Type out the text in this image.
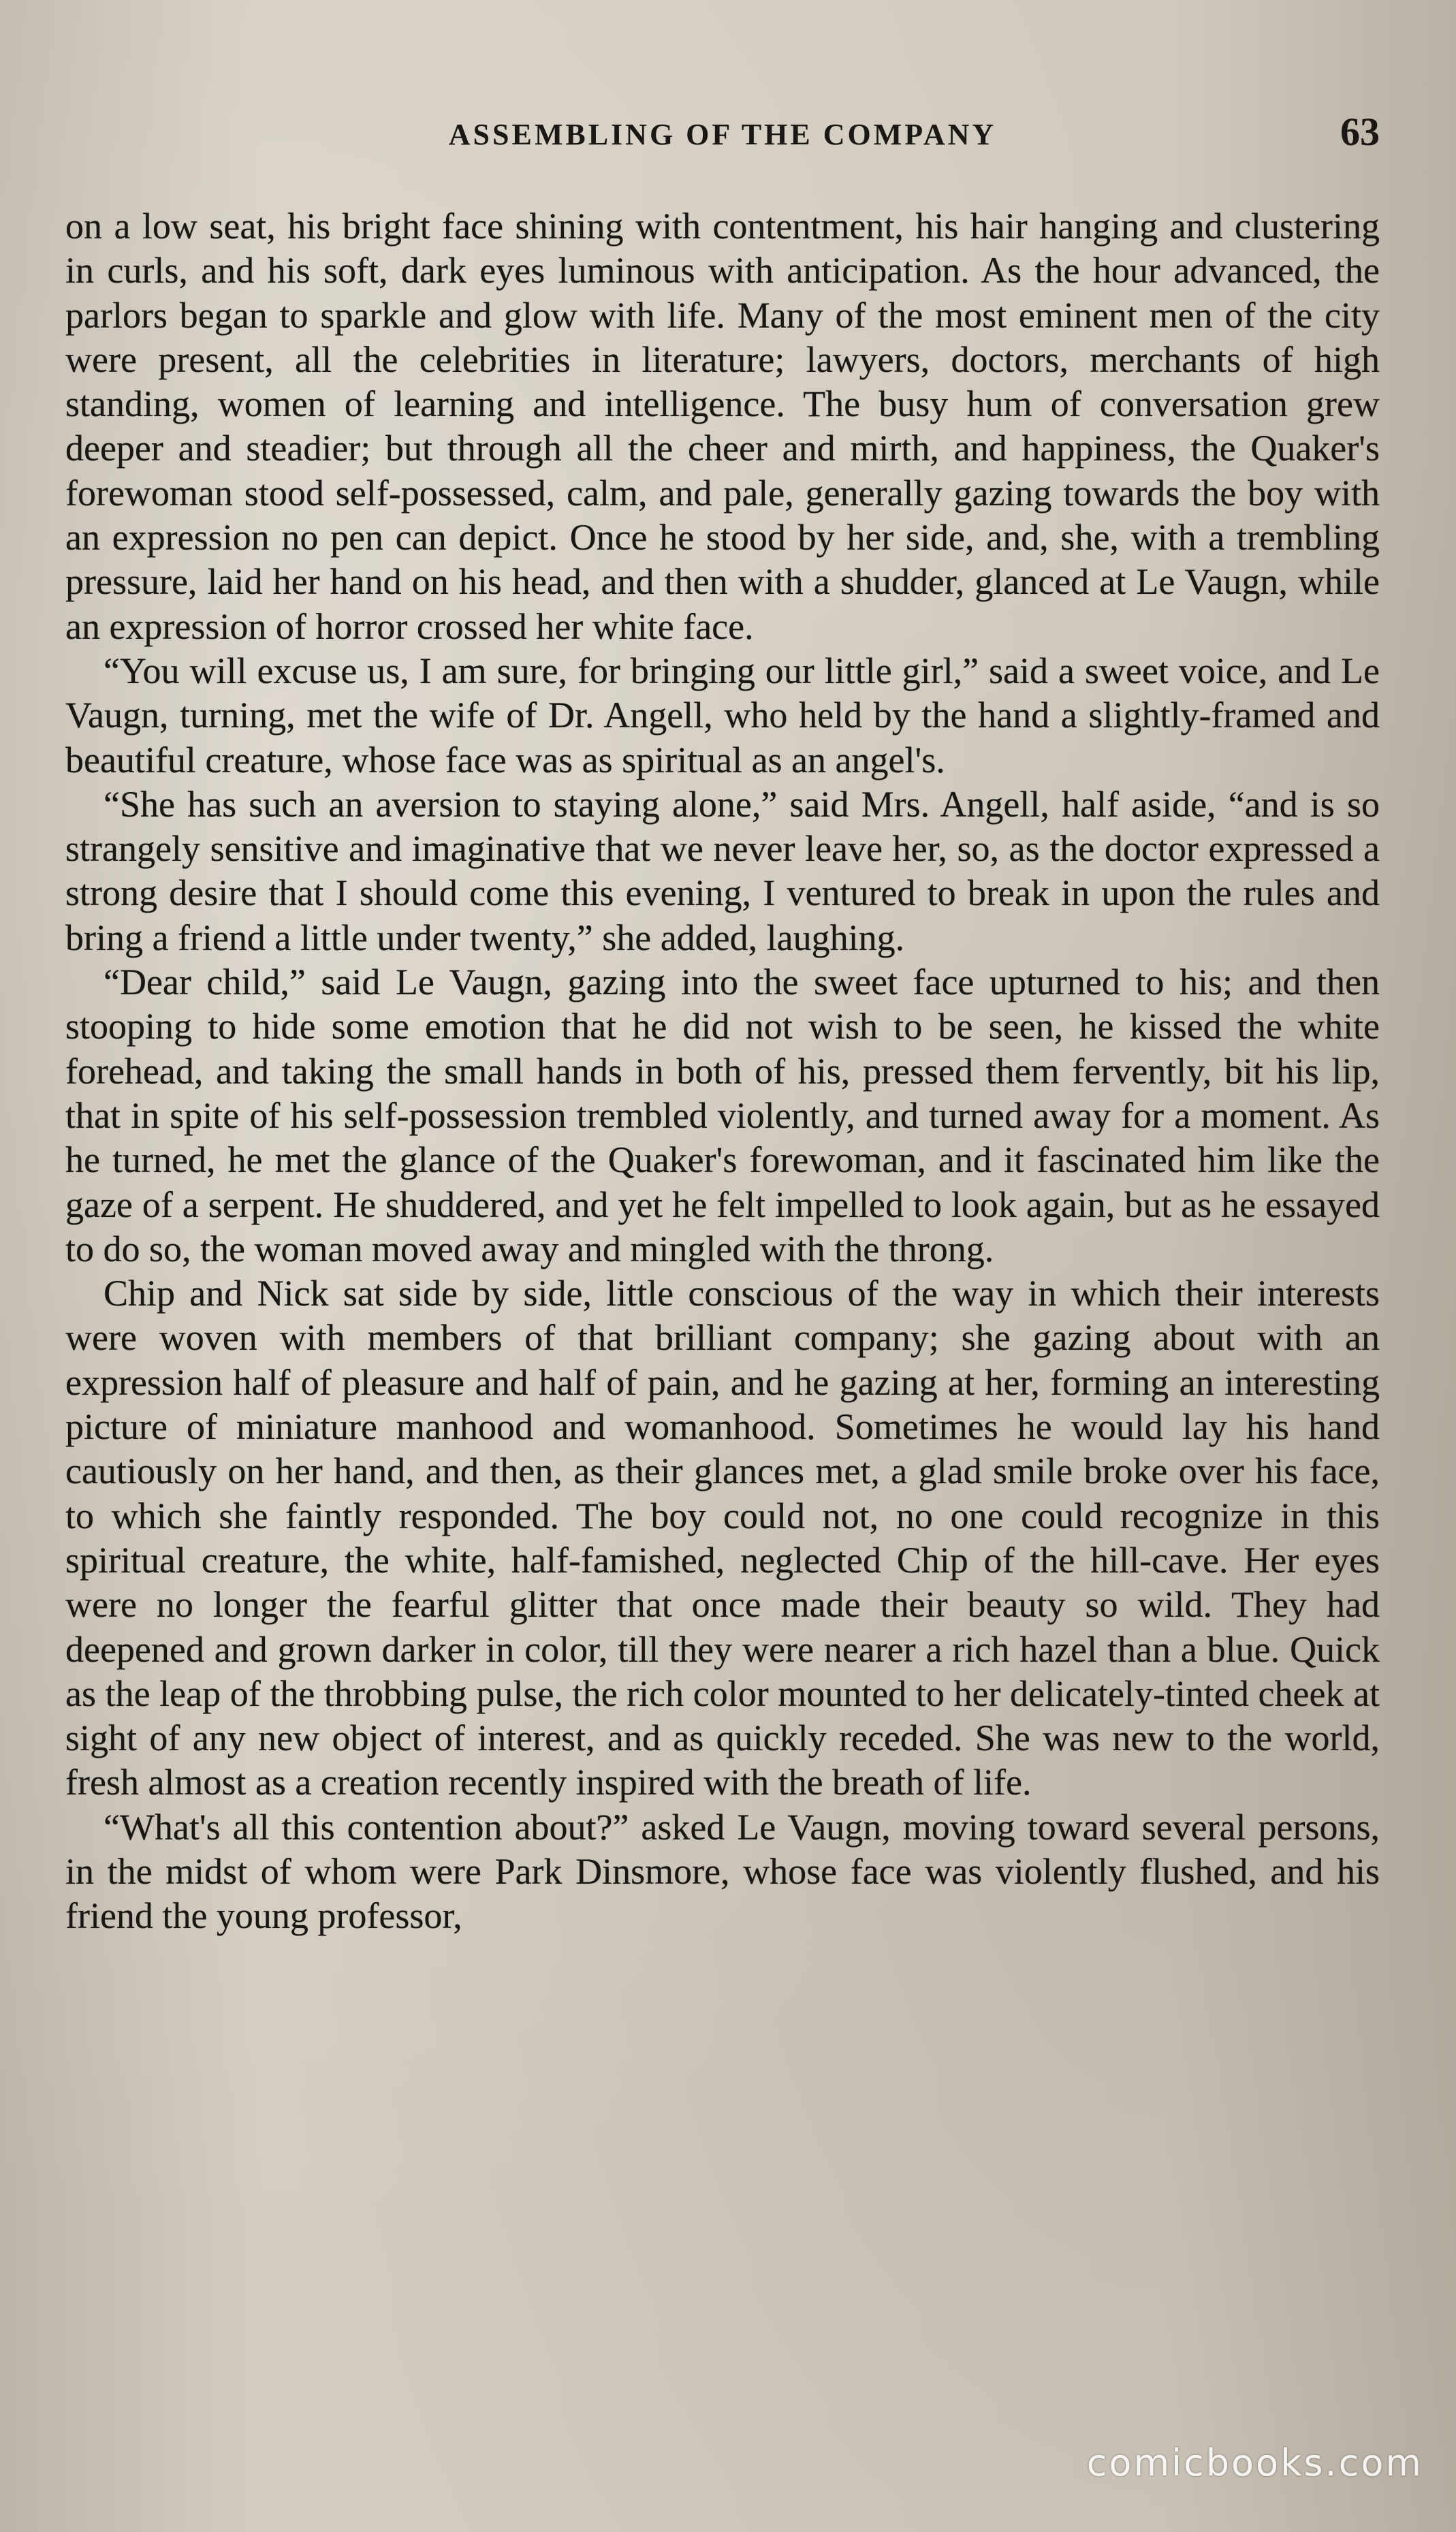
ASSEMBLING OF THE COMPANY	63

on a low seat, his bright face shining with contentment, his hair hanging and clustering in curls, and his soft, dark eyes luminous with anticipation. As the hour advanced, the parlors began to sparkle and glow with life. Many of the most eminent men of the city were present, all the celebrities in literature; lawyers, doctors, merchants of high standing, women of learning and intelligence. The busy hum of conversation grew deeper and steadier; but through all the cheer and mirth, and happiness, the Quaker's forewoman stood self-possessed, calm, and pale, generally gazing towards the boy with an expression no pen can depict. Once he stood by her side, and, she, with a trembling pressure, laid her hand on his head, and then with a shudder, glanced at Le Vaugn, while an expression of horror crossed her white face.

“You will excuse us, I am sure, for bringing our little girl,” said a sweet voice, and Le Vaugn, turning, met the wife of Dr. Angell, who held by the hand a slightly-framed and beautiful creature, whose face was as spiritual as an angel's.

“She has such an aversion to staying alone,” said Mrs. Angell, half aside, “and is so strangely sensitive and imaginative that we never leave her, so, as the doctor expressed a strong desire that I should come this evening, I ventured to break in upon the rules and bring a friend a little under twenty,” she added, laughing.

“Dear child,” said Le Vaugn, gazing into the sweet face upturned to his; and then stooping to hide some emotion that he did not wish to be seen, he kissed the white forehead, and taking the small hands in both of his, pressed them fervently, bit his lip, that in spite of his self-possession trembled violently, and turned away for a moment. As he turned, he met the glance of the Quaker's forewoman, and it fascinated him like the gaze of a serpent. He shuddered, and yet he felt impelled to look again, but as he essayed to do so, the woman moved away and mingled with the throng.

Chip and Nick sat side by side, little conscious of the way in which their interests were woven with members of that brilliant company; she gazing about with an expression half of pleasure and half of pain, and he gazing at her, forming an interesting picture of miniature manhood and womanhood. Sometimes he would lay his hand cautiously on her hand, and then, as their glances met, a glad smile broke over his face, to which she faintly responded. The boy could not, no one could recognize in this spiritual creature, the white, half-famished, neglected Chip of the hill-cave. Her eyes were no longer the fearful glitter that once made their beauty so wild. They had deepened and grown darker in color, till they were nearer a rich hazel than a blue. Quick as the leap of the throbbing pulse, the rich color mounted to her delicately-tinted cheek at sight of any new object of interest, and as quickly receded. She was new to the world, fresh almost as a creation recently inspired with the breath of life.

“What's all this contention about?” asked Le Vaugn, moving toward several persons, in the midst of whom were Park Dinsmore, whose face was violently flushed, and his friend the young professor,

comicbooks.com
